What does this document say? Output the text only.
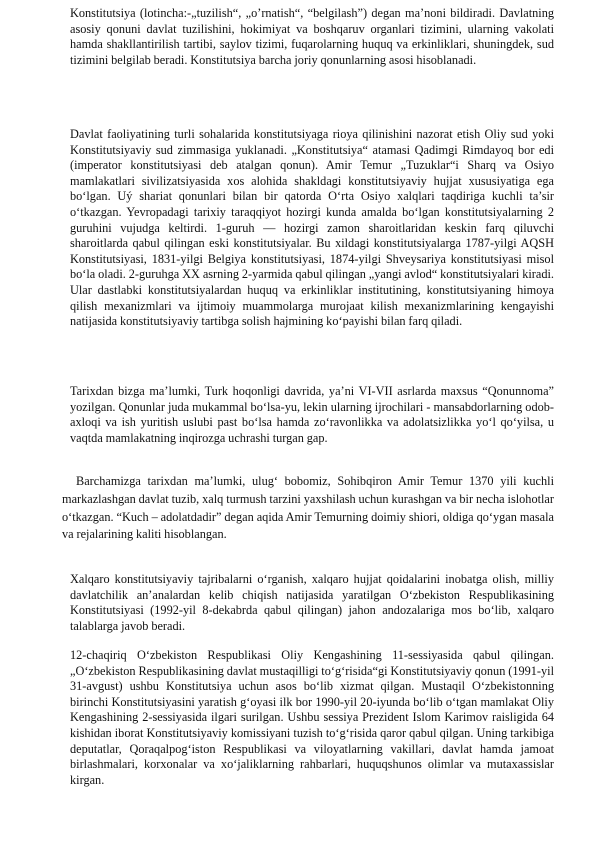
Konstitutsiya (lotincha:-„tuzilish“, „o’rnatish“, “belgilash”) degan ma’noni bildiradi. Davlatning asosiy qonuni davlat tuzilishini, hokimiyat va boshqaruv organlari tizimini, ularning vakolati hamda shakllantirilish tartibi, saylov tizimi, fuqarolarning huquq va erkinliklari, shuningdek, sud tizimini belgilab beradi. Konstitutsiya barcha joriy qonunlarning asosi hisoblanadi.

Davlat faoliyatining turli sohalarida konstitutsiyaga rioya qilinishini nazorat etish Oliy sud yoki Konstitutsiyaviy sud zimmasiga yuklanadi. „Konstitutsiya“ atamasi Qadimgi Rimdayoq bor edi (imperator konstitutsiyasi deb atalgan qonun). Amir Temur „Tuzuklar“i Sharq va Osiyo mamlakatlari sivilizatsiyasida xos alohida shakldagi konstitutsiyaviy hujjat xususiyatiga ega bo‘lgan. Uý shariat qonunlari bilan bir qatorda O‘rta Osiyo xalqlari taqdiriga kuchli ta’sir o‘tkazgan. Yevropadagi tarixiy taraqqiyot hozirgi kunda amalda bo‘lgan konstitutsiyalarning 2 guruhini vujudga keltirdi. 1-guruh — hozirgi zamon sharoitlaridan keskin farq qiluvchi sharoitlarda qabul qilingan eski konstitutsiyalar. Bu xildagi konstitutsiyalarga 1787-yilgi AQSH Konstitutsiyasi, 1831-yilgi Belgiya konstitutsiyasi, 1874-yilgi Shveysariya konstitutsiyasi misol bo‘la oladi. 2-guruhga XX asrning 2-yarmida qabul qilingan „yangi avlod“ konstitutsiyalari kiradi. Ular dastlabki konstitutsiyalardan huquq va erkinliklar institutining, konstitutsiyaning himoya qilish mexanizmlari va ijtimoiy muammolarga murojaat kilish mexanizmlarining kengayishi natijasida konstitutsiyaviy tartibga solish hajmining ko‘payishi bilan farq qiladi.

Tarixdan bizga ma’lumki, Turk hoqonligi davrida, ya’ni VI-VII asrlarda maxsus “Qonunnoma” yozilgan. Qonunlar juda mukammal bo‘lsa-yu, lekin ularning ijrochilari - mansabdorlarning odob-axloqi va ish yuritish uslubi past bo‘lsa hamda zo‘ravonlikka va adolatsizlikka yo‘l qo‘yilsa, u vaqtda mamlakatning inqirozga uchrashi turgan gap.

Barchamizga tarixdan ma’lumki, ulug‘ bobomiz, Sohibqiron Amir Temur 1370 yili kuchli markazlashgan davlat tuzib, xalq turmush tarzini yaxshilash uchun kurashgan va bir necha islohotlar o‘tkazgan. “Kuch – adolatdadir” degan aqida Amir Temurning doimiy shiori, oldiga qo‘ygan masala va rejalarining kaliti hisoblangan.

Xalqaro konstitutsiyaviy tajribalarni o‘rganish, xalqaro hujjat qoidalarini inobatga olish, milliy davlatchilik an’analardan kelib chiqish natijasida yaratilgan O‘zbekiston Respublikasining Konstitutsiyasi (1992-yil 8-dekabrda qabul qilingan) jahon andozalariga mos bo‘lib, xalqaro talablarga javob beradi.

12-chaqiriq O‘zbekiston Respublikasi Oliy Kengashining 11-sessiyasida qabul qilingan. „O‘zbekiston Respublikasining davlat mustaqilligi to‘g‘risida“gi Konstitutsiyaviy qonun (1991-yil 31-avgust) ushbu Konstitutsiya uchun asos bo‘lib xizmat qilgan. Mustaqil O‘zbekistonning birinchi Konstitutsiyasini yaratish g‘oyasi ilk bor 1990-yil 20-iyunda bo‘lib o‘tgan mamlakat Oliy Kengashining 2-sessiyasida ilgari surilgan. Ushbu sessiya Prezident Islom Karimov raisligida 64 kishidan iborat Konstitutsiyaviy komissiyani tuzish to‘g‘risida qaror qabul qilgan. Uning tarkibiga deputatlar, Qoraqalpog‘iston Respublikasi va viloyatlarning vakillari, davlat hamda jamoat birlashmalari, korxonalar va xo‘jaliklarning rahbarlari, huquqshunos olimlar va mutaxassislar kirgan.
